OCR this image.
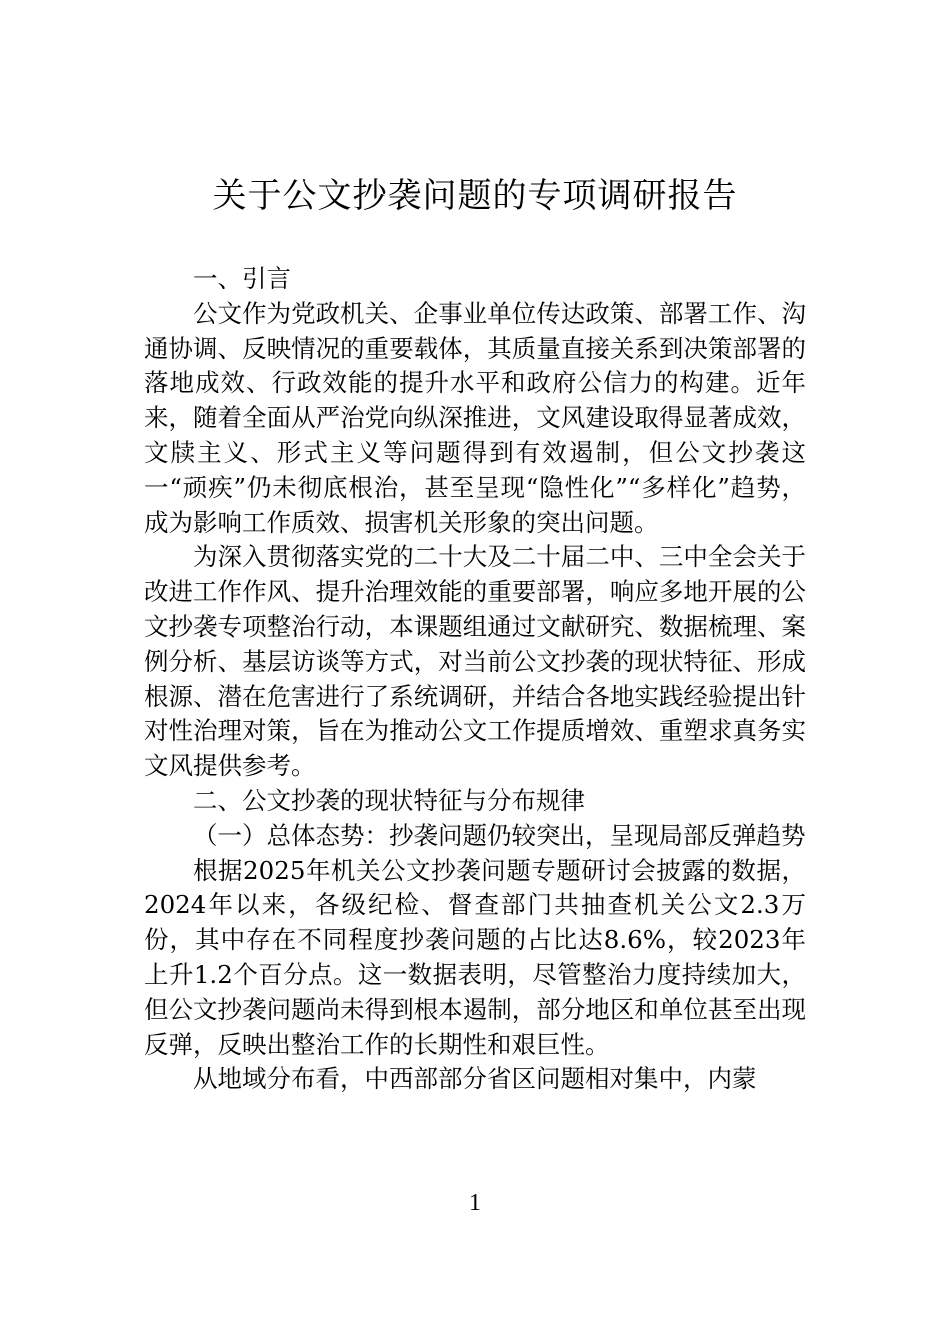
关于公文抄袭问题的专项调研报告

一、引言

公文作为党政机关、企事业单位传达政策、部署工作、沟通协调、反映情况的重要载体，其质量直接关系到决策部署的落地成效、行政效能的提升水平和政府公信力的构建。近年来，随着全面从严治党向纵深推进，文风建设取得显著成效，文牍主义、形式主义等问题得到有效遏制，但公文抄袭这一“顽疾”仍未彻底根治，甚至呈现“隐性化”“多样化”趋势，成为影响工作质效、损害机关形象的突出问题。

为深入贯彻落实党的二十大及二十届二中、三中全会关于改进工作作风、提升治理效能的重要部署，响应多地开展的公文抄袭专项整治行动，本课题组通过文献研究、数据梳理、案例分析、基层访谈等方式，对当前公文抄袭的现状特征、形成根源、潜在危害进行了系统调研，并结合各地实践经验提出针对性治理对策，旨在为推动公文工作提质增效、重塑求真务实文风提供参考。

二、公文抄袭的现状特征与分布规律

（一）总体态势：抄袭问题仍较突出，呈现局部反弹趋势

根据2025年机关公文抄袭问题专题研讨会披露的数据，2024年以来，各级纪检、督查部门共抽查机关公文2.3万份，其中存在不同程度抄袭问题的占比达8.6%，较2023年上升1.2个百分点。这一数据表明，尽管整治力度持续加大，但公文抄袭问题尚未得到根本遏制，部分地区和单位甚至出现反弹，反映出整治工作的长期性和艰巨性。

从地域分布看，中西部部分省区问题相对集中，内蒙

1
